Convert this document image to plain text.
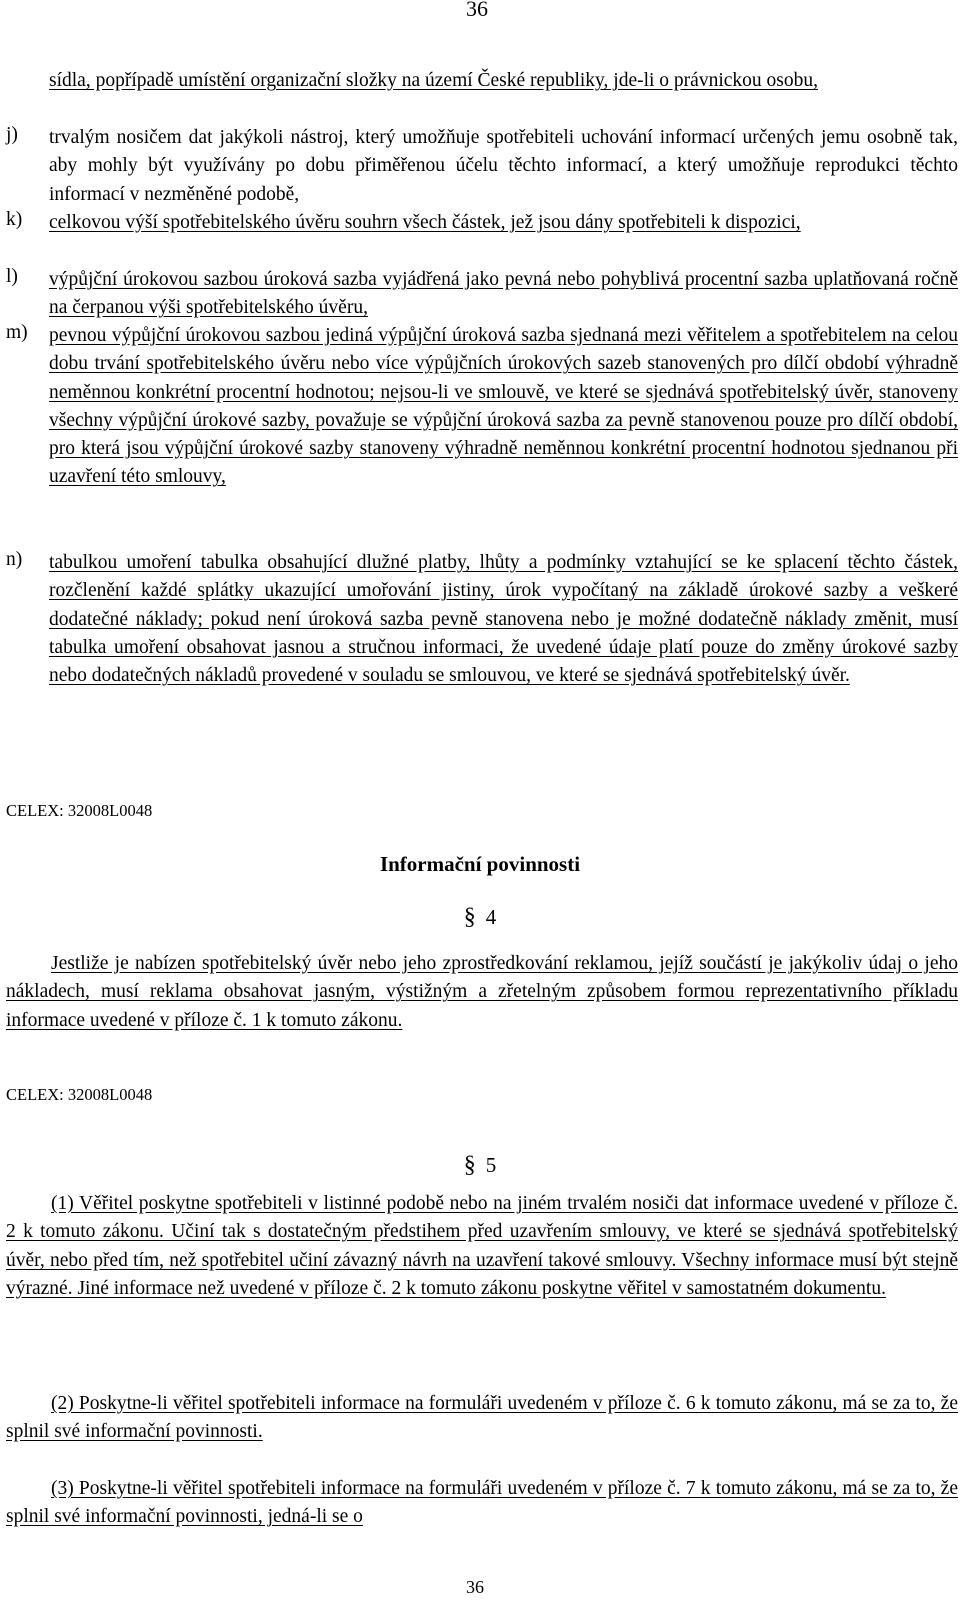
36
sídla, popřípadě umístění organizační složky na území České republiky, jde-li o právnickou osobu,
j) trvalým nosičem dat jakýkoli nástroj, který umožňuje spotřebiteli uchování informací určených jemu osobně tak, aby mohly být využívány po dobu přiměřenou účelu těchto informací, a který umožňuje reprodukci těchto informací v nezměněné podobě,
k) celkovou výší spotřebitelského úvěru souhrn všech částek, jež jsou dány spotřebiteli k dispozici,
l) výpůjční úrokovou sazbou úroková sazba vyjádřená jako pevná nebo pohyblivá procentní sazba uplatňovaná ročně na čerpanou výši spotřebitelského úvěru,
m) pevnou výpůjční úrokovou sazbou jediná výpůjční úroková sazba sjednaná mezi věřitelem a spotřebitelem na celou dobu trvání spotřebitelského úvěru nebo více výpůjčních úrokových sazeb stanovených pro dílčí období výhradně neměnnou konkrétní procentní hodnotou; nejsou-li ve smlouvě, ve které se sjednává spotřebitelský úvěr, stanoveny všechny výpůjční úrokové sazby, považuje se výpůjční úroková sazba za pevně stanovenou pouze pro dílčí období, pro která jsou výpůjční úrokové sazby stanoveny výhradně neměnnou konkrétní procentní hodnotou sjednanou při uzavření této smlouvy,
n) tabulkou umoření tabulka obsahující dlužné platby, lhůty a podmínky vztahující se ke splacení těchto částek, rozčlenění každé splátky ukazující umořování jistiny, úrok vypočítaný na základě úrokové sazby a veškeré dodatečné náklady; pokud není úroková sazba pevně stanovena nebo je možné dodatečně náklady změnit, musí tabulka umoření obsahovat jasnou a stručnou informaci, že uvedené údaje platí pouze do změny úrokové sazby nebo dodatečných nákladů provedené v souladu se smlouvou, ve které se sjednává spotřebitelský úvěr.
CELEX: 32008L0048
Informační povinnosti
§ 4
Jestliže je nabízen spotřebitelský úvěr nebo jeho zprostředkování reklamou, jejíž součástí je jakýkoliv údaj o jeho nákladech, musí reklama obsahovat jasným, výstižným a zřetelným způsobem formou reprezentativního příkladu informace uvedené v příloze č. 1 k tomuto zákonu.
CELEX: 32008L0048
§ 5
(1) Věřitel poskytne spotřebiteli v listinné podobě nebo na jiném trvalém nosiči dat informace uvedené v příloze č. 2 k tomuto zákonu. Učiní tak s dostatečným předstihem před uzavřením smlouvy, ve které se sjednává spotřebitelský úvěr, nebo před tím, než spotřebitel učiní závazný návrh na uzavření takové smlouvy. Všechny informace musí být stejně výrazné. Jiné informace než uvedené v příloze č. 2 k tomuto zákonu poskytne věřitel v samostatném dokumentu.
(2) Poskytne-li věřitel spotřebiteli informace na formuláři uvedeném v příloze č. 6 k tomuto zákonu, má se za to, že splnil své informační povinnosti.
(3) Poskytne-li věřitel spotřebiteli informace na formuláři uvedeném v příloze č. 7 k tomuto zákonu, má se za to, že splnil své informační povinnosti, jedná-li se o
36
